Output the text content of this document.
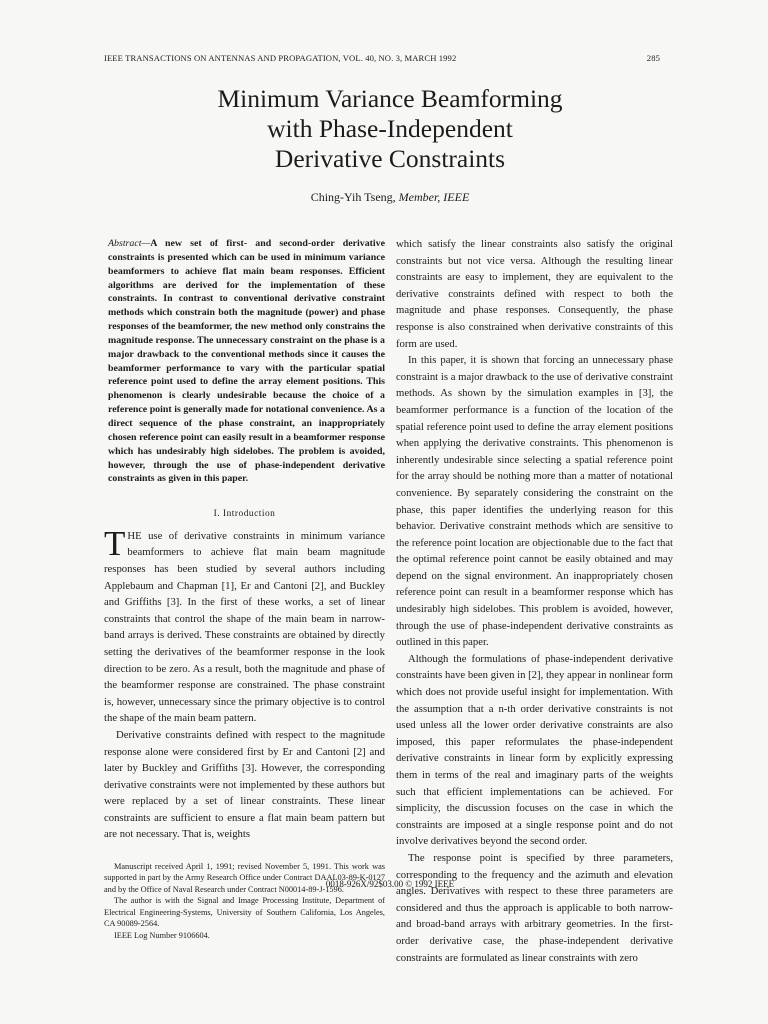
IEEE TRANSACTIONS ON ANTENNAS AND PROPAGATION, VOL. 40, NO. 3, MARCH 1992	285
Minimum Variance Beamforming
with Phase-Independent
Derivative Constraints
Ching-Yih Tseng, Member, IEEE
Abstract—A new set of first- and second-order derivative constraints is presented which can be used in minimum variance beamformers to achieve flat main beam responses. Efficient algorithms are derived for the implementation of these constraints. In contrast to conventional derivative constraint methods which constrain both the magnitude (power) and phase responses of the beamformer, the new method only constrains the magnitude response. The unnecessary constraint on the phase is a major drawback to the conventional methods since it causes the beamformer performance to vary with the particular spatial reference point used to define the array element positions. This phenomenon is clearly undesirable because the choice of a reference point is generally made for notational convenience. As a direct sequence of the phase constraint, an inappropriately chosen reference point can easily result in a beamformer response which has undesirably high sidelobes. The problem is avoided, however, through the use of phase-independent derivative constraints as given in this paper.
I. Introduction

THE use of derivative constraints in minimum variance beamformers to achieve flat main beam magnitude responses has been studied by several authors including Applebaum and Chapman [1], Er and Cantoni [2], and Buckley and Griffiths [3]. In the first of these works, a set of linear constraints that control the shape of the main beam in narrow-band arrays is derived. These constraints are obtained by directly setting the derivatives of the beamformer response in the look direction to be zero. As a result, both the magnitude and phase of the beamformer response are constrained. The phase constraint is, however, unnecessary since the primary objective is to control the shape of the main beam pattern.

Derivative constraints defined with respect to the magnitude response alone were considered first by Er and Cantoni [2] and later by Buckley and Griffiths [3]. However, the corresponding derivative constraints were not implemented by these authors but were replaced by a set of linear constraints. These linear constraints are sufficient to ensure a flat main beam pattern but are not necessary. That is, weights

Manuscript received April 1, 1991; revised November 5, 1991. This work was supported in part by the Army Research Office under Contract DAAL03-89-K-0127 and by the Office of Naval Research under Contract N00014-89-J-1596.

The author is with the Signal and Image Processing Institute, Department of Electrical Engineering-Systems, University of Southern California, Los Angeles, CA 90089-2564.

IEEE Log Number 9106604.

which satisfy the linear constraints also satisfy the original constraints but not vice versa. Although the resulting linear constraints are easy to implement, they are equivalent to the derivative constraints defined with respect to both the magnitude and phase responses. Consequently, the phase response is also constrained when derivative constraints of this form are used.

In this paper, it is shown that forcing an unnecessary phase constraint is a major drawback to the use of derivative constraint methods. As shown by the simulation examples in [3], the beamformer performance is a function of the location of the spatial reference point used to define the array element positions when applying the derivative constraints. This phenomenon is inherently undesirable since selecting a spatial reference point for the array should be nothing more than a matter of notational convenience. By separately considering the constraint on the phase, this paper identifies the underlying reason for this behavior. Derivative constraint methods which are sensitive to the reference point location are objectionable due to the fact that the optimal reference point cannot be easily obtained and may depend on the signal environment. An inappropriately chosen reference point can result in a beamformer response which has undesirably high sidelobes. This problem is avoided, however, through the use of phase-independent derivative constraints as outlined in this paper.

Although the formulations of phase-independent derivative constraints have been given in [2], they appear in nonlinear form which does not provide useful insight for implementation. With the assumption that a n-th order derivative constraints is not used unless all the lower order derivative constraints are also imposed, this paper reformulates the phase-independent derivative constraints in linear form by explicitly expressing them in terms of the real and imaginary parts of the weights such that efficient implementations can be achieved. For simplicity, the discussion focuses on the case in which the constraints are imposed at a single response point and do not involve derivatives beyond the second order.

The response point is specified by three parameters, corresponding to the frequency and the azimuth and elevation angles. Derivatives with respect to these three parameters are considered and thus the approach is applicable to both narrow- and broad-band arrays with arbitrary geometries. In the first-order derivative case, the phase-independent derivative constraints are formulated as linear constraints with zero

0018-926X/92$03.00 © 1992 IEEE
